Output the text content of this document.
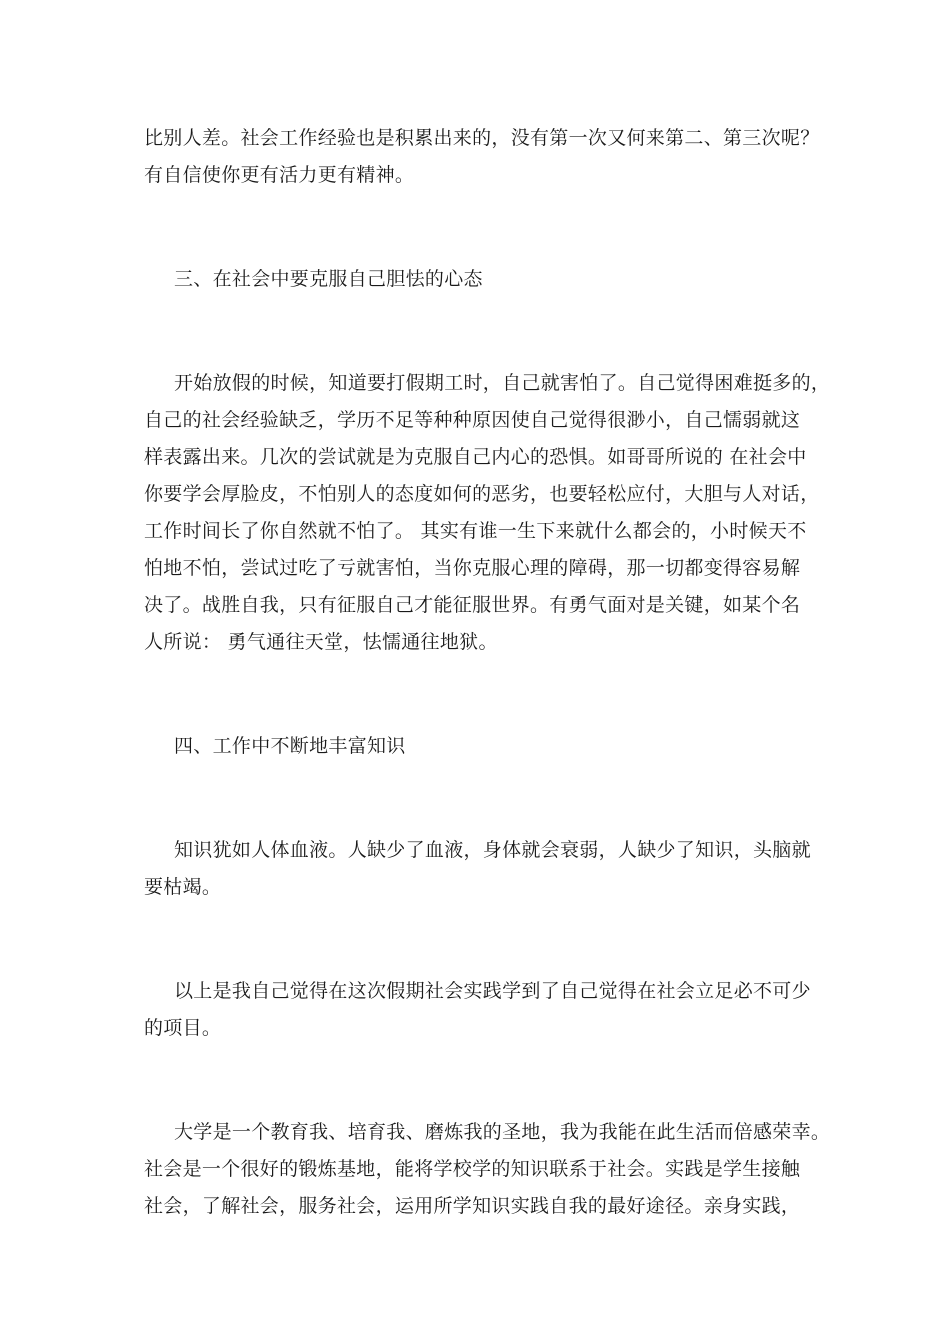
比别人差。社会工作经验也是积累出来的，没有第一次又何来第二、第三次呢？

有自信使你更有活力更有精神。

三、在社会中要克服自己胆怯的心态

开始放假的时候，知道要打假期工时，自己就害怕了。自己觉得困难挺多的，

自己的社会经验缺乏，学历不足等种种原因使自己觉得很渺小，自己懦弱就这

样表露出来。几次的尝试就是为克服自己内心的恐惧。如哥哥所说的 在社会中

你要学会厚脸皮，不怕别人的态度如何的恶劣，也要轻松应付，大胆与人对话，

工作时间长了你自然就不怕了。 其实有谁一生下来就什么都会的，小时候天不

怕地不怕，尝试过吃了亏就害怕，当你克服心理的障碍，那一切都变得容易解

决了。战胜自我，只有征服自己才能征服世界。有勇气面对是关键，如某个名

人所说： 勇气通往天堂，怯懦通往地狱。

四、工作中不断地丰富知识

知识犹如人体血液。人缺少了血液，身体就会衰弱，人缺少了知识，头脑就

要枯竭。

以上是我自己觉得在这次假期社会实践学到了自己觉得在社会立足必不可少

的项目。

大学是一个教育我、培育我、磨炼我的圣地，我为我能在此生活而倍感荣幸。

社会是一个很好的锻炼基地，能将学校学的知识联系于社会。实践是学生接触

社会，了解社会，服务社会，运用所学知识实践自我的最好途径。亲身实践，
